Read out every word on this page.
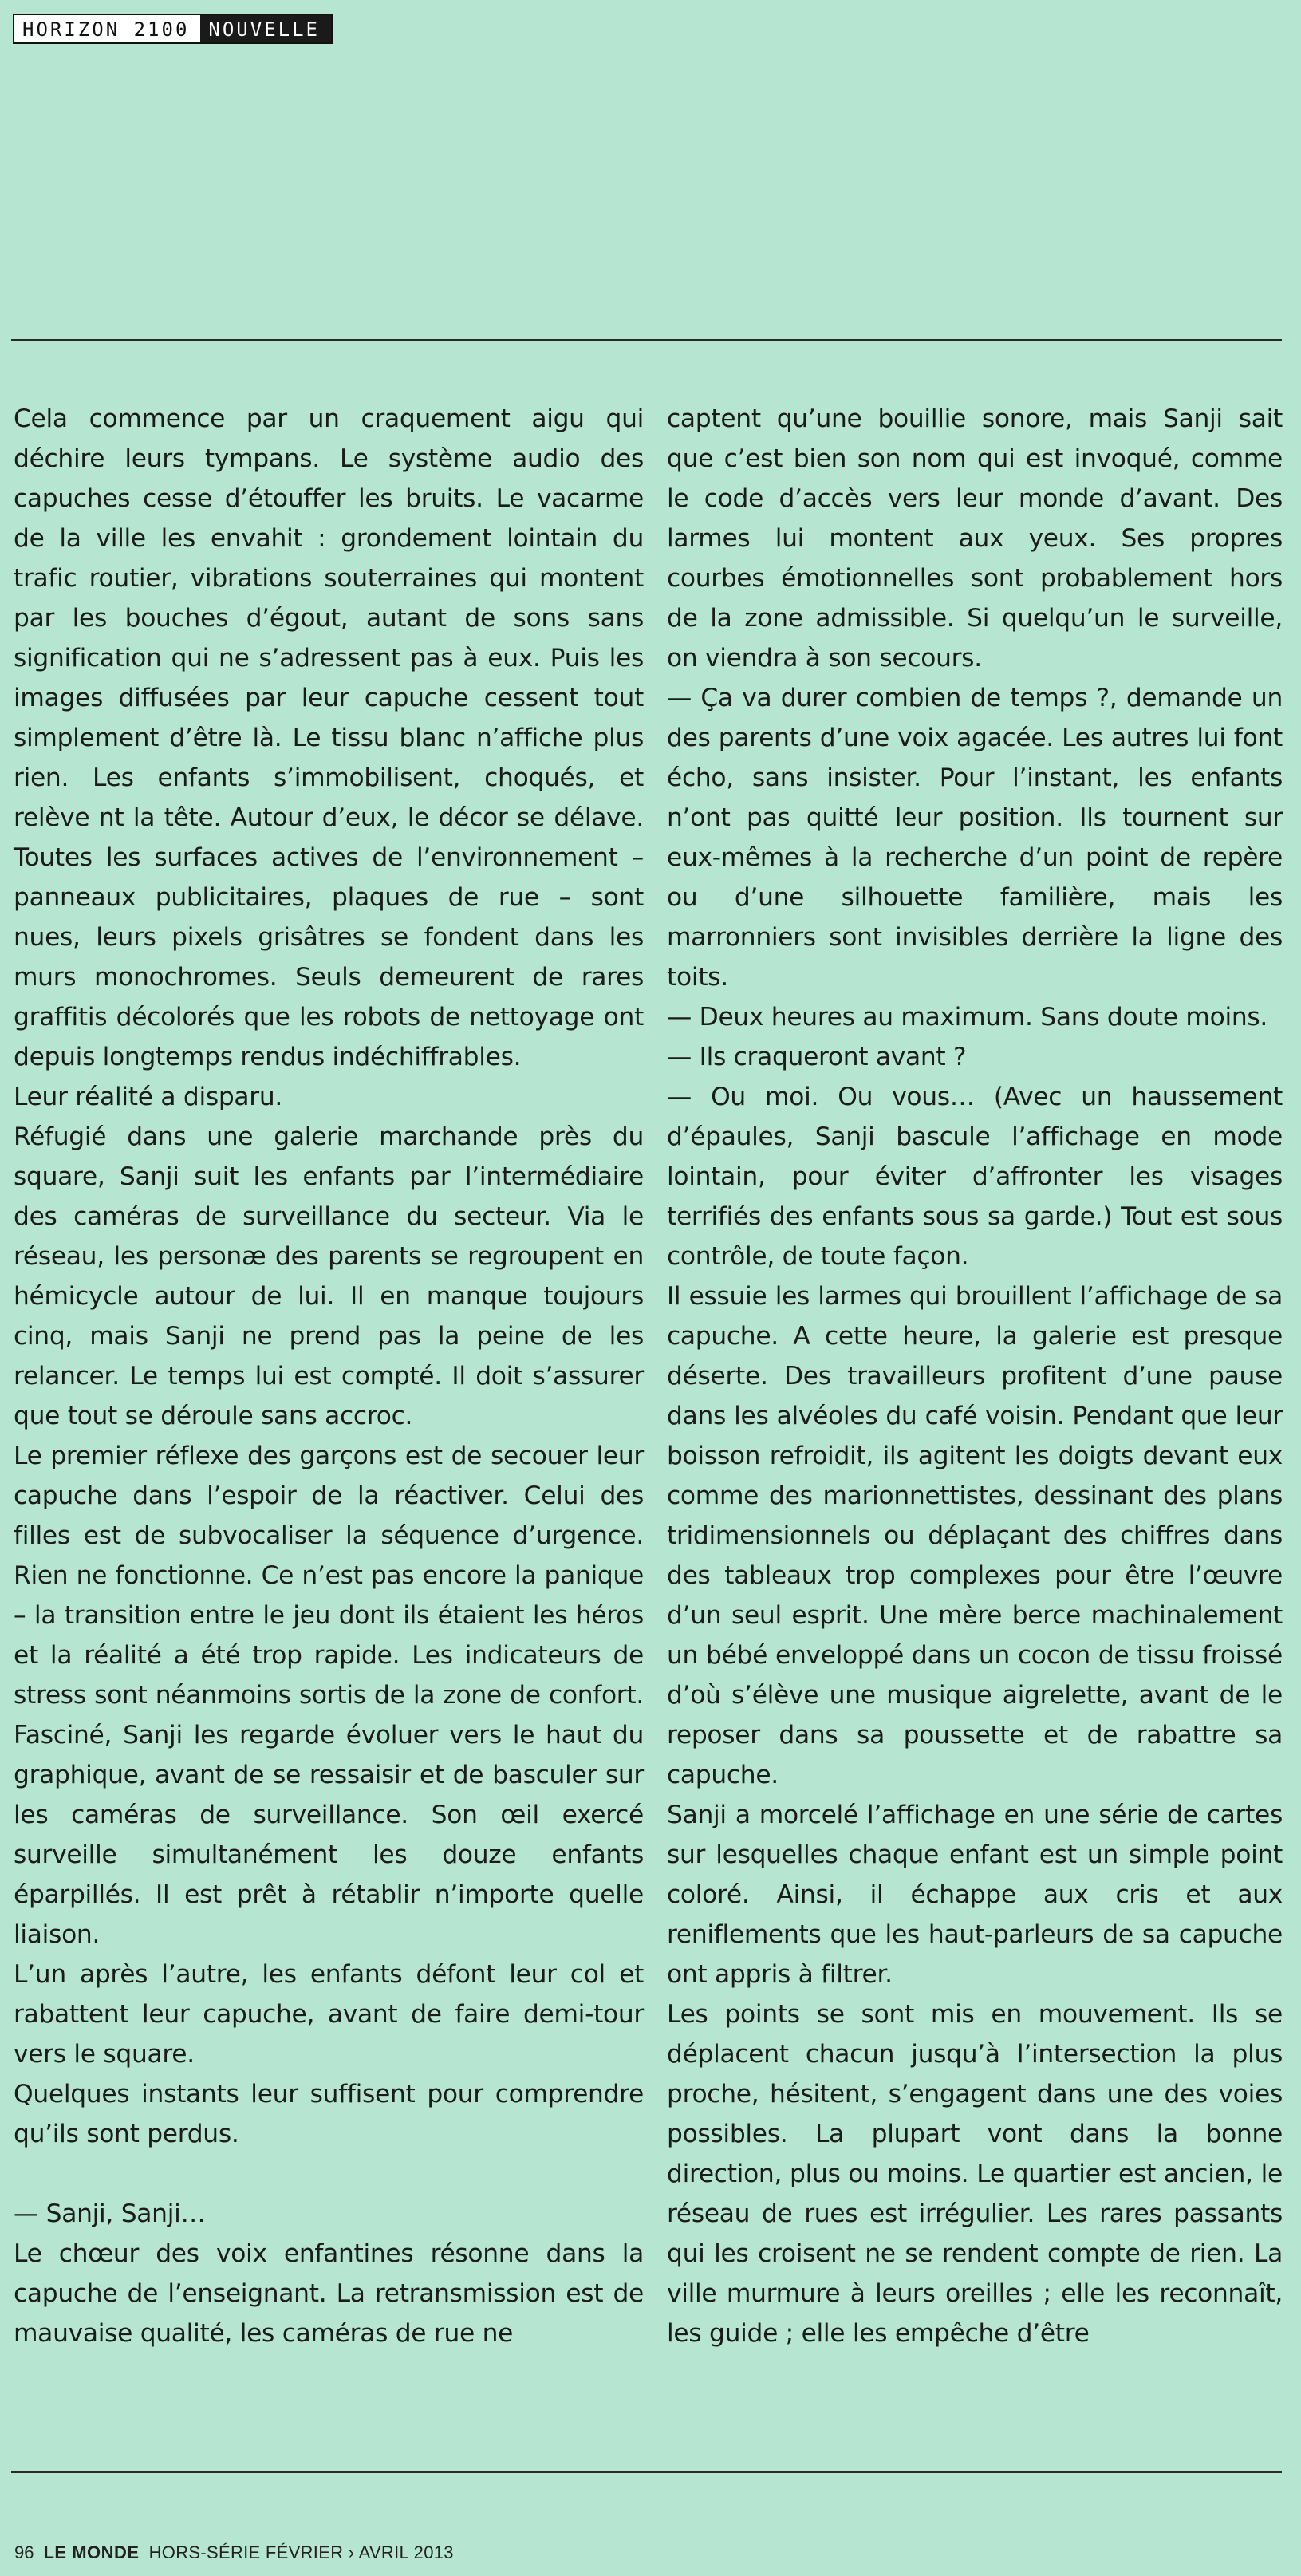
HORIZON 2100	NOUVELLE

Cela commence par un craquement aigu qui déchire leurs tympans. Le système audio des capuches cesse d’étouffer les bruits. Le vacarme de la ville les envahit : grondement lointain du trafic routier, vibrations souterraines qui montent par les bouches d’égout, autant de sons sans signification qui ne s’adressent pas à eux. Puis les images diffusées par leur capuche cessent tout simplement d’être là. Le tissu blanc n’affiche plus rien. Les enfants s’immobilisent, choqués, et relève nt la tête. Autour d’eux, le décor se délave. Toutes les surfaces actives de l’environnement – panneaux publicitaires, plaques de rue – sont nues, leurs pixels grisâtres se fondent dans les murs monochromes. Seuls demeurent de rares graffitis décolorés que les robots de nettoyage ont depuis longtemps rendus indéchiffrables.

Leur réalité a disparu.

Réfugié dans une galerie marchande près du square, Sanji suit les enfants par l’intermédiaire des caméras de surveillance du secteur. Via le réseau, les personæ des parents se regroupent en hémicycle autour de lui. Il en manque toujours cinq, mais Sanji ne prend pas la peine de les relancer. Le temps lui est compté. Il doit s’assurer que tout se déroule sans accroc.

Le premier réflexe des garçons est de secouer leur capuche dans l’espoir de la réactiver. Celui des filles est de subvocaliser la séquence d’urgence. Rien ne fonctionne. Ce n’est pas encore la panique – la transition entre le jeu dont ils étaient les héros et la réalité a été trop rapide. Les indicateurs de stress sont néanmoins sortis de la zone de confort. Fasciné, Sanji les regarde évoluer vers le haut du graphique, avant de se ressaisir et de basculer sur les caméras de surveillance. Son œil exercé surveille simultanément les douze enfants éparpillés. Il est prêt à rétablir n’importe quelle liaison.

L’un après l’autre, les enfants défont leur col et rabattent leur capuche, avant de faire demi-tour vers le square.

Quelques instants leur suffisent pour comprendre qu’ils sont perdus.

— Sanji, Sanji…

Le chœur des voix enfantines résonne dans la capuche de l’enseignant. La retransmission est de mauvaise qualité, les caméras de rue ne

captent qu’une bouillie sonore, mais Sanji sait que c’est bien son nom qui est invoqué, comme le code d’accès vers leur monde d’avant. Des larmes lui montent aux yeux. Ses propres courbes émotionnelles sont probablement hors de la zone admissible. Si quelqu’un le surveille, on viendra à son secours.

— Ça va durer combien de temps ?, demande un des parents d’une voix agacée. Les autres lui font écho, sans insister. Pour l’instant, les enfants n’ont pas quitté leur position. Ils tournent sur eux-mêmes à la recherche d’un point de repère ou d’une silhouette familière, mais les marronniers sont invisibles derrière la ligne des toits.

— Deux heures au maximum. Sans doute moins.

— Ils craqueront avant ?

— Ou moi. Ou vous… (Avec un haussement d’épaules, Sanji bascule l’affichage en mode lointain, pour éviter d’affronter les visages terrifiés des enfants sous sa garde.) Tout est sous contrôle, de toute façon.

Il essuie les larmes qui brouillent l’affichage de sa capuche. A cette heure, la galerie est presque déserte. Des travailleurs profitent d’une pause dans les alvéoles du café voisin. Pendant que leur boisson refroidit, ils agitent les doigts devant eux comme des marionnettistes, dessinant des plans tridimensionnels ou déplaçant des chiffres dans des tableaux trop complexes pour être l’œuvre d’un seul esprit. Une mère berce machinalement un bébé enveloppé dans un cocon de tissu froissé d’où s’élève une musique aigrelette, avant de le reposer dans sa poussette et de rabattre sa capuche.

Sanji a morcelé l’affichage en une série de cartes sur lesquelles chaque enfant est un simple point coloré. Ainsi, il échappe aux cris et aux reniflements que les haut-parleurs de sa capuche ont appris à filtrer.

Les points se sont mis en mouvement. Ils se déplacent chacun jusqu’à l’intersection la plus proche, hésitent, s’engagent dans une des voies possibles. La plupart vont dans la bonne direction, plus ou moins. Le quartier est ancien, le réseau de rues est irrégulier. Les rares passants qui les croisent ne se rendent compte de rien. La ville murmure à leurs oreilles ; elle les reconnaît, les guide ; elle les empêche d’être

96 LE MONDE HORS-SÉRIE FÉVRIER › AVRIL 2013
